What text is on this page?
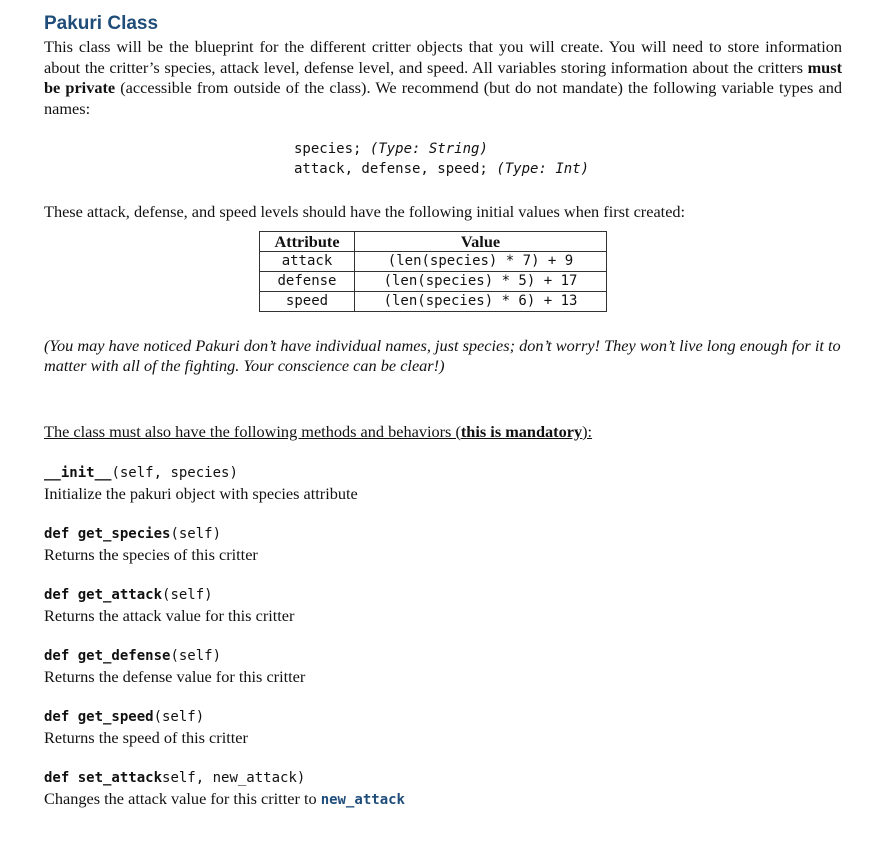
Pakuri Class

This class will be the blueprint for the different critter objects that you will create. You will need to store information about the critter’s species, attack level, defense level, and speed. All variables storing information about the critters must be private (accessible from outside of the class). We recommend (but do not mandate) the following variable types and names:

species; (Type: String)
attack, defense, speed; (Type: Int)

These attack, defense, and speed levels should have the following initial values when first created:

Attribute	Value
attack	(len(species) * 7) + 9
defense	(len(species) * 5) + 17
speed	(len(species) * 6) + 13

(You may have noticed Pakuri don’t have individual names, just species; don’t worry! They won’t live long enough for it to matter with all of the fighting. Your conscience can be clear!)

The class must also have the following methods and behaviors (this is mandatory):

__init__(self, species)
Initialize the pakuri object with species attribute
def get_species(self)
Returns the species of this critter
def get_attack(self)
Returns the attack value for this critter
def get_defense(self)
Returns the defense value for this critter
def get_speed(self)
Returns the speed of this critter
def set_attackself, new_attack)
Changes the attack value for this critter to new_attack
